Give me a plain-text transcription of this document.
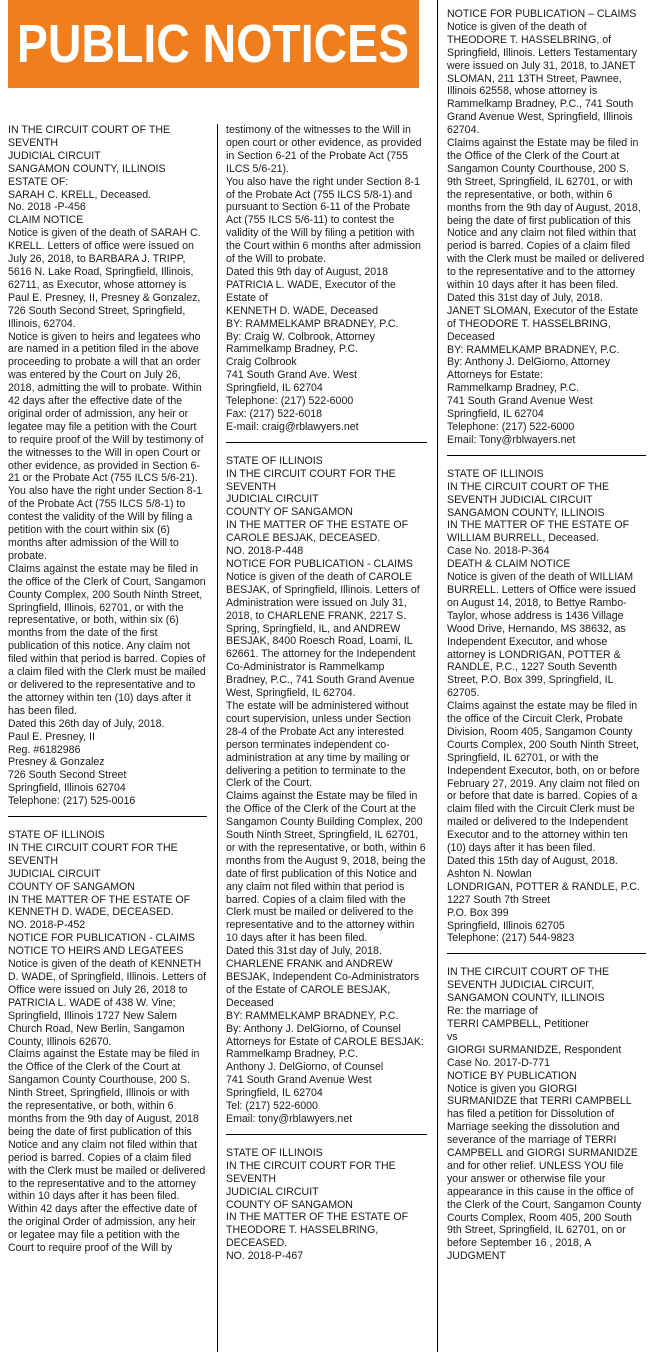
PUBLIC NOTICES

IN THE CIRCUIT COURT OF THE SEVENTH
JUDICIAL CIRCUIT
SANGAMON COUNTY, ILLINOIS
ESTATE OF:
SARAH C. KRELL, Deceased.
No. 2018 -P-456
CLAIM NOTICE

Notice is given of the death of SARAH C. KRELL. Letters of office were issued on July 26, 2018, to BARBARA J. TRIPP, 5616 N. Lake Road, Springfield, Illinois, 62711, as Executor, whose attorney is Paul E. Presney, II, Presney & Gonzalez, 726 South Second Street, Springfield, Illinois, 62704.

Notice is given to heirs and legatees who are named in a petition filed in the above proceeding to probate a will that an order was entered by the Court on July 26, 2018, admitting the will to probate. Within 42 days after the effective date of the original order of admission, any heir or legatee may file a petition with the Court to require proof of the Will by testimony of the witnesses to the Will in open Court or other evidence, as provided in Section 6-21 or the Probate Act (755 ILCS 5/6-21). You also have the right under Section 8-1 of the Probate Act (755 ILCS 5/8-1) to contest the validity of the Will by filing a petition with the court within six (6) months after admission of the Will to probate.

Claims against the estate may be filed in the office of the Clerk of Court, Sangamon County Complex, 200 South Ninth Street, Springfield, Illinois, 62701, or with the representative, or both, within six (6) months from the date of the first publication of this notice. Any claim not filed within that period is barred. Copies of a claim filed with the Clerk must be mailed or delivered to the representative and to the attorney within ten (10) days after it has been filed.

Dated this 26th day of July, 2018.
Paul E. Presney, II
Reg. #6182986
Presney & Gonzalez
726 South Second Street
Springfield, Illinois 62704
Telephone: (217) 525-0016

STATE OF ILLINOIS
IN THE CIRCUIT COURT FOR THE SEVENTH
JUDICIAL CIRCUIT
COUNTY OF SANGAMON
IN THE MATTER OF THE ESTATE OF
KENNETH D. WADE, DECEASED.
NO. 2018-P-452
NOTICE FOR PUBLICATION - CLAIMS
NOTICE TO HEIRS AND LEGATEES

Notice is given of the death of KENNETH D. WADE, of Springfield, Illinois. Letters of Office were issued on July 26, 2018 to PATRICIA L. WADE of 438 W. Vine; Springfield, Illinois 1727 New Salem Church Road, New Berlin, Sangamon County, Illinois 62670.

Claims against the Estate may be filed in the Office of the Clerk of the Court at Sangamon County Courthouse, 200 S. Ninth Street, Springfield, Illinois or with the representative, or both, within 6 months from the 9th day of August, 2018 being the date of first publication of this Notice and any claim not filed within that period is barred. Copies of a claim filed with the Clerk must be mailed or delivered to the representative and to the attorney within 10 days after it has been filed.

Within 42 days after the effective date of the original Order of admission, any heir or legatee may file a petition with the Court to require proof of the Will by

testimony of the witnesses to the Will in open court or other evidence, as provided in Section 6-21 of the Probate Act (755 ILCS 5/6-21).

You also have the right under Section 8-1 of the Probate Act (755 ILCS 5/8-1) and pursuant to Section 6-11 of the Probate Act (755 ILCS 5/6-11) to contest the validity of the Will by filing a petition with the Court within 6 months after admission of the Will to probate.

Dated this 9th day of August, 2018
PATRICIA L. WADE, Executor of the Estate of
KENNETH D. WADE, Deceased
BY: RAMMELKAMP BRADNEY, P.C.
By: Craig W. Colbrook, Attorney
Rammelkamp Bradney, P.C.
Craig Colbrook
741 South Grand Ave. West
Springfield, IL 62704
Telephone: (217) 522-6000
Fax: (217) 522-6018
E-mail: craig@rblawyers.net

STATE OF ILLINOIS
IN THE CIRCUIT COURT FOR THE SEVENTH
JUDICIAL CIRCUIT
COUNTY OF SANGAMON
IN THE MATTER OF THE ESTATE OF
CAROLE BESJAK, DECEASED.
NO. 2018-P-448
NOTICE FOR PUBLICATION - CLAIMS

Notice is given of the death of CAROLE BESJAK, of Springfield, Illinois. Letters of Administration were issued on July 31, 2018, to CHARLENE FRANK, 2217 S. Spring, Springfield, IL, and ANDREW BESJAK, 8400 Roesch Road, Loami, IL 62661. The attorney for the Independent Co-Administrator is Rammelkamp Bradney, P.C., 741 South Grand Avenue West, Springfield, IL 62704.

The estate will be administered without court supervision, unless under Section 28-4 of the Probate Act any interested person terminates independent co-administration at any time by mailing or delivering a petition to terminate to the Clerk of the Court.

Claims against the Estate may be filed in the Office of the Clerk of the Court at the Sangamon County Building Complex, 200 South Ninth Street, Springfield, IL 62701, or with the representative, or both, within 6 months from the August 9, 2018, being the date of first publication of this Notice and any claim not filed within that period is barred. Copies of a claim filed with the Clerk must be mailed or delivered to the representative and to the attorney within 10 days after it has been filed.

Dated this 31st day of July, 2018.
CHARLENE FRANK and ANDREW BESJAK, Independent Co-Administrators of the Estate of CAROLE BESJAK, Deceased
BY: RAMMELKAMP BRADNEY, P.C.
By: Anthony J. DelGiorno, of Counsel
Attorneys for Estate of CAROLE BESJAK:
Rammelkamp Bradney, P.C.
Anthony J. DelGiorno, of Counsel
741 South Grand Avenue West
Springfield, IL 62704
Tel: (217) 522-6000
Email: tony@rblawyers.net

STATE OF ILLINOIS
IN THE CIRCUIT COURT FOR THE SEVENTH
JUDICIAL CIRCUIT
COUNTY OF SANGAMON
IN THE MATTER OF THE ESTATE OF
THEODORE T. HASSELBRING, DECEASED.
NO. 2018-P-467

NOTICE FOR PUBLICATION – CLAIMS

Notice is given of the death of THEODORE T. HASSELBRING, of Springfield, Illinois. Letters Testamentary were issued on July 31, 2018, to JANET SLOMAN, 211 13TH Street, Pawnee, Illinois 62558, whose attorney is Rammelkamp Bradney, P.C., 741 South Grand Avenue West, Springfield, Illinois 62704.

Claims against the Estate may be filed in the Office of the Clerk of the Court at Sangamon County Courthouse, 200 S. 9th Street, Springfield, IL 62701, or with the representative, or both, within 6 months from the 9th day of August, 2018, being the date of first publication of this Notice and any claim not filed within that period is barred. Copies of a claim filed with the Clerk must be mailed or delivered to the representative and to the attorney within 10 days after it has been filed.

Dated this 31st day of July, 2018.
JANET SLOMAN, Executor of the Estate of THEODORE T. HASSELBRING, Deceased
BY: RAMMELKAMP BRADNEY, P.C.
By: Anthony J. DelGiorno, Attorney
Attorneys for Estate:
Rammelkamp Bradney, P.C.
741 South Grand Avenue West
Springfield, IL 62704
Telephone: (217) 522-6000
Email: Tony@rblwayers.net

STATE OF ILLINOIS
IN THE CIRCUIT COURT OF THE SEVENTH JUDICIAL CIRCUIT SANGAMON COUNTY, ILLINOIS
IN THE MATTER OF THE ESTATE OF
WILLIAM BURRELL, Deceased.
Case No. 2018-P-364
DEATH & CLAIM NOTICE

Notice is given of the death of WILLIAM BURRELL. Letters of Office were issued on August 14, 2018, to Bettye Rambo-Taylor, whose address is 1436 Village Wood Drive, Hernando, MS 38632, as Independent Executor, and whose attorney is LONDRIGAN, POTTER & RANDLE, P.C., 1227 South Seventh Street, P.O. Box 399, Springfield, IL 62705.

Claims against the estate may be filed in the office of the Circuit Clerk, Probate Division, Room 405, Sangamon County Courts Complex, 200 South Ninth Street, Springfield, IL 62701, or with the Independent Executor, both, on or before February 27, 2019. Any claim not filed on or before that date is barred. Copies of a claim filed with the Circuit Clerk must be mailed or delivered to the Independent Executor and to the attorney within ten (10) days after it has been filed.

Dated this 15th day of August, 2018.
Ashton N. Nowlan
LONDRIGAN, POTTER & RANDLE, P.C.
1227 South 7th Street
P.O. Box 399
Springfield, Illinois 62705
Telephone: (217) 544-9823

IN THE CIRCUIT COURT OF THE SEVENTH JUDICIAL CIRCUIT, SANGAMON COUNTY, ILLINOIS
Re: the marriage of
TERRI CAMPBELL, Petitioner
vs
GIORGI SURMANIDZE, Respondent
Case No. 2017-D-771
NOTICE BY PUBLICATION

Notice is given you GIORGI SURMANIDZE that TERRI CAMPBELL has filed a petition for Dissolution of Marriage seeking the dissolution and severance of the marriage of TERRI CAMPBELL and GIORGI SURMANIDZE and for other relief. UNLESS YOU file your answer or otherwise file your appearance in this cause in the office of the Clerk of the Court, Sangamon County Courts Complex, Room 405, 200 South 9th Street, Springfield, IL 62701, on or before September 16 , 2018, A JUDGMENT
